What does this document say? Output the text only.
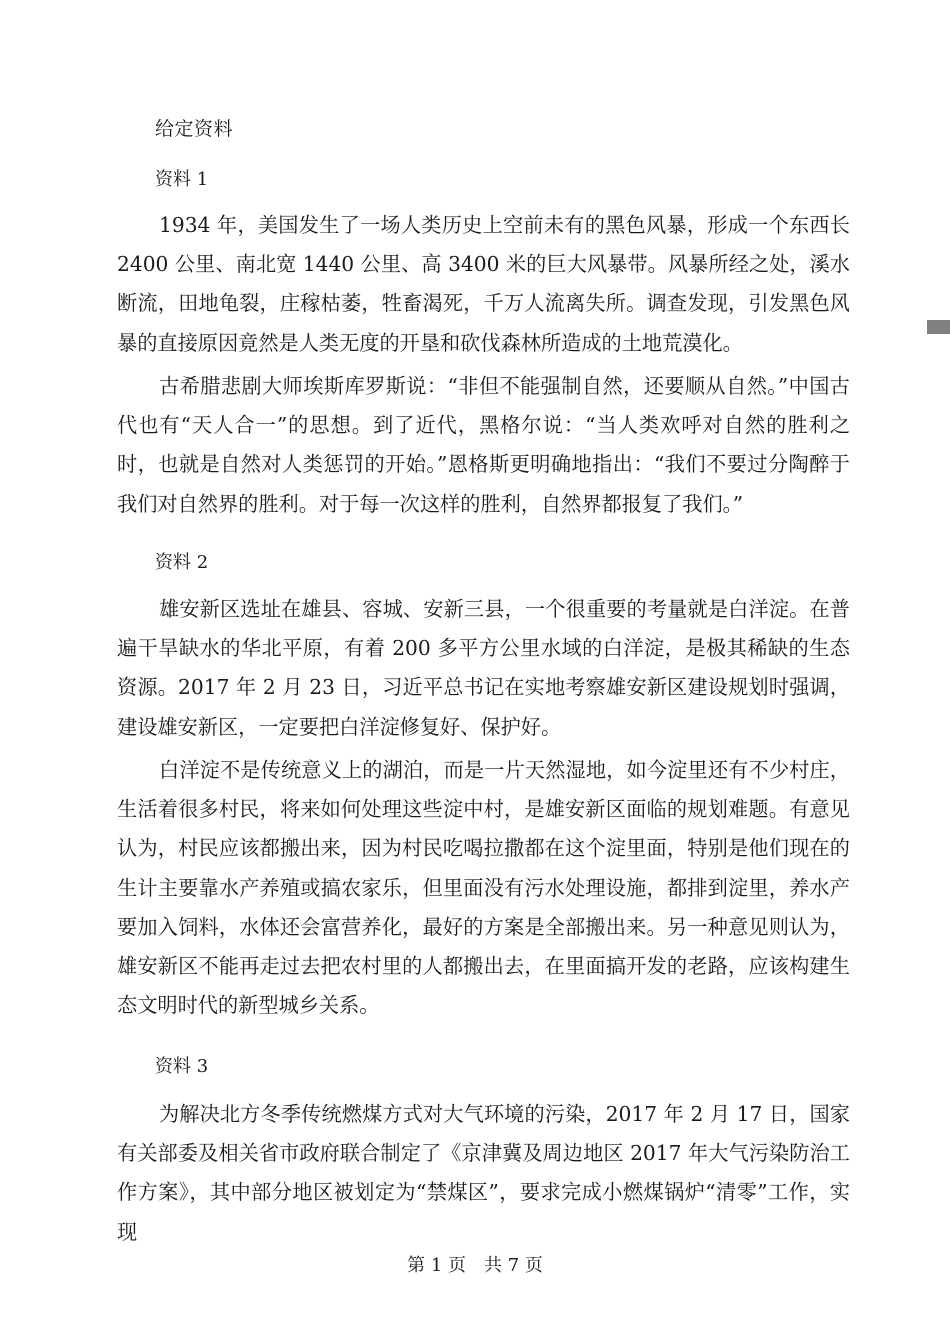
给定资料
资料 1

1934 年，美国发生了一场人类历史上空前未有的黑色风暴，形成一个东西长 2400 公里、南北宽 1440 公里、高 3400 米的巨大风暴带。风暴所经之处，溪水断流，田地龟裂，庄稼枯萎，牲畜渴死，千万人流离失所。调查发现，引发黑色风暴的直接原因竟然是人类无度的开垦和砍伐森林所造成的土地荒漠化。

古希腊悲剧大师埃斯库罗斯说：“非但不能强制自然，还要顺从自然。”中国古代也有“天人合一”的思想。到了近代，黑格尔说：“当人类欢呼对自然的胜利之时，也就是自然对人类惩罚的开始。”恩格斯更明确地指出：“我们不要过分陶醉于我们对自然界的胜利。对于每一次这样的胜利，自然界都报复了我们。”

资料 2

雄安新区选址在雄县、容城、安新三县，一个很重要的考量就是白洋淀。在普遍干旱缺水的华北平原，有着 200 多平方公里水域的白洋淀，是极其稀缺的生态资源。2017 年 2 月 23 日，习近平总书记在实地考察雄安新区建设规划时强调，建设雄安新区，一定要把白洋淀修复好、保护好。

白洋淀不是传统意义上的湖泊，而是一片天然湿地，如今淀里还有不少村庄，生活着很多村民，将来如何处理这些淀中村，是雄安新区面临的规划难题。有意见认为，村民应该都搬出来，因为村民吃喝拉撒都在这个淀里面，特别是他们现在的生计主要靠水产养殖或搞农家乐，但里面没有污水处理设施，都排到淀里，养水产要加入饲料，水体还会富营养化，最好的方案是全部搬出来。另一种意见则认为，雄安新区不能再走过去把农村里的人都搬出去，在里面搞开发的老路，应该构建生态文明时代的新型城乡关系。

资料 3

为解决北方冬季传统燃煤方式对大气环境的污染，2017 年 2 月 17 日，国家有关部委及相关省市政府联合制定了《京津冀及周边地区 2017 年大气污染防治工作方案》，其中部分地区被划定为“禁煤区”，要求完成小燃煤锅炉“清零”工作，实现

第 1 页 共 7 页
